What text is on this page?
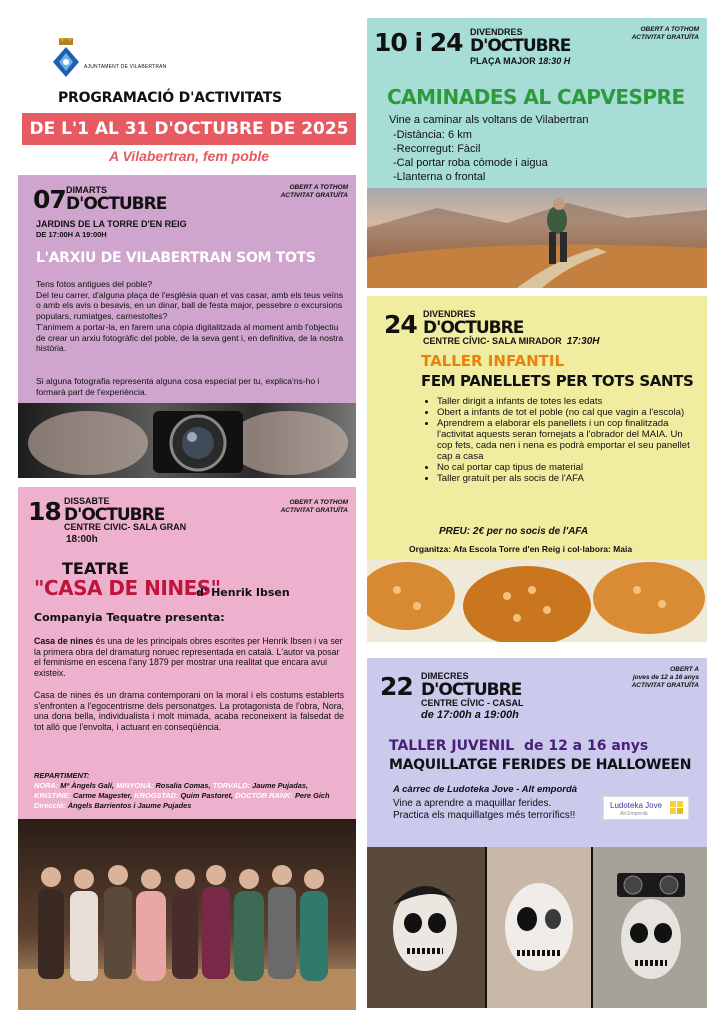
AJUNTAMENT DE VILABERTRAN
PROGRAMACIÓ D'ACTIVITATS
DE L'1 AL 31 D'OCTUBRE DE 2025
A Vilabertran, fem poble
07 DIMARTS
D'OCTUBRE
OBERT A TOTHOM
ACTIVITAT GRATUÏTA
JARDINS DE LA TORRE D'EN REIG
DE 17:00H A 19:00H
L'ARXIU DE VILABERTRAN SOM TOTS
Tens fotos antigues del poble?
Del teu carrer, d'alguna plaça de l'església quan et vas casar, amb els teus veïns o amb els avis o besavis, en un dinar, ball de festa major, pessebre o excursions populars, rumiatges, carnestoltes?
T'animem a portar-la, en farem una còpia digitalitzada al moment amb l'objectiu de crear un arxiu fotogràfic del poble, de la seva gent i, en definitiva, de la nostra història.
Si alguna fotografia representa alguna cosa especial per tu, explica'ns-ho i formarà part de l'experiència.
18 DISSABTE
D'OCTUBRE
OBERT A TOTHOM
ACTIVITAT GRATUÏTA
CENTRE CIVIC- SALA GRAN
18:00h
TEATRE
"CASA DE NINES"
d' Henrik Ibsen
Companyia Tequatre presenta:
Casa de nines és una de les principals obres escrites per Henrik Ibsen i va ser la primera obra del dramaturg noruec representada en català. L'autor va posar el feminisme en escena l'any 1879 per mostrar una realitat que encara avui existeix.
Casa de nines és un drama contemporani on la moral i els costums establerts s'enfronten a l'egocentrisme dels personatges. La protagonista de l'obra, Nora, una dona bella, individualista i molt mimada, acaba reconeixent la falsedat de tot allò que l'envolta, i actuant en conseqüència.
REPARTIMENT:
NORA: Mª Àngels Galí, MINYONA: Rosalia Comas, TORVALD: Jaume Pujadas,
KRISTINE: Carme Magester, KROGSTAD: Quim Pastoret, DOCTOR RANK: Pere Gich
Direcció: Àngels Barrientos i Jaume Pujades
10 i 24 DIVENDRES
D'OCTUBRE
OBERT A TOTHOM
ACTIVITAT GRATUÏTA
PLAÇA MAJOR 18:30 H
CAMINADES AL CAPVESPRE
Vine a caminar als voltans de Vilabertran
-Distància: 6 km
-Recorregut: Fàcil
-Cal portar roba còmode i aigua
-Llanterna o frontal
24 DIVENDRES
D'OCTUBRE
CENTRE CÍVIC- SALA MIRADOR 17:30H
TALLER INFANTIL
FEM PANELLETS PER TOTS SANTS
• Taller dirigit a infants de totes les edats
• Obert a infants de tot el poble (no cal que vagin a l'escola)
• Aprendrem a elaborar els panellets i un cop finalitzada l'activitat aquests seran fornejats a l'obrador del MAIA. Un cop fets, cada nen i nena es podrà emportar el seu panellet cap a casa
• No cal portar cap tipus de material
• Taller gratuït per als socis de l'AFA
PREU: 2€ per no socis de l'AFA
Organitza: Afa Escola Torre d'en Reig i col·labora: Maia
22 DIMECRES
D'OCTUBRE
OBERT A
joves de 12 a 16 anys
ACTIVITAT GRATUÏTA
CENTRE CÍVIC - CASAL
de 17:00h a 19:00h
TALLER JUVENIL de 12 a 16 anys
MAQUILLATGE FERIDES DE HALLOWEEN
A càrrec de Ludoteka Jove - Alt empordà
Vine a aprendre a maquillar ferides.
Practica els maquillatges més terrorífics!!
Ludoteka Jove
Alt Empordà
